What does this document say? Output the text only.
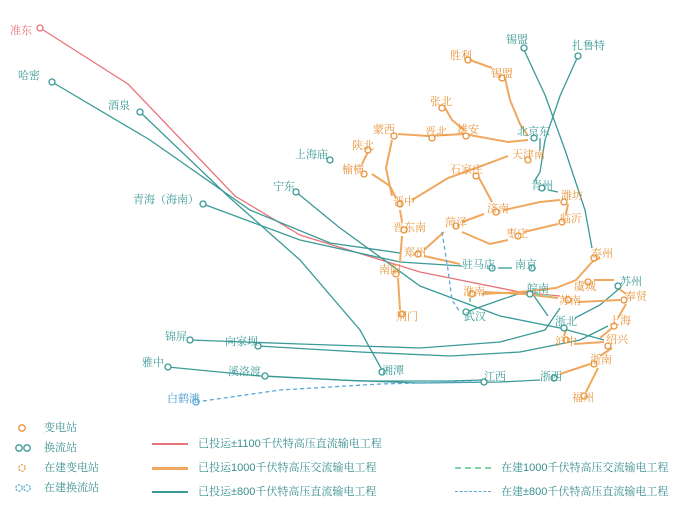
准东
哈密
酒泉
青海（海南）
宁东
上海庙
陕北
榆横
蒙西	晋北 雄安
张北
胜利
锡盟
锡盟	扎鲁特
北京东
天津南
石家庄
晋中
济南
青州
潍坊
临沂
菏泽
晋东南	枣庄
郑州
驻马店 南京
泰州
南阳
淮南	虞城
皖南
苏州
苏南	奉贤
荆门	武汉	浙北	上海
沪中	绍兴
浙南
浙西
江西
福州
湘潭
锦屏	向家坝
雅中
溪洛渡
白鹤滩
变电站
换流站
在建变电站
在建换流站
已投运±1100千伏特高压直流输电工程
已投运1000千伏特高压交流输电工程
已投运±800千伏特高压直流输电工程
在建1000千伏特高压交流输电工程
在建±800千伏特高压直流输电工程
